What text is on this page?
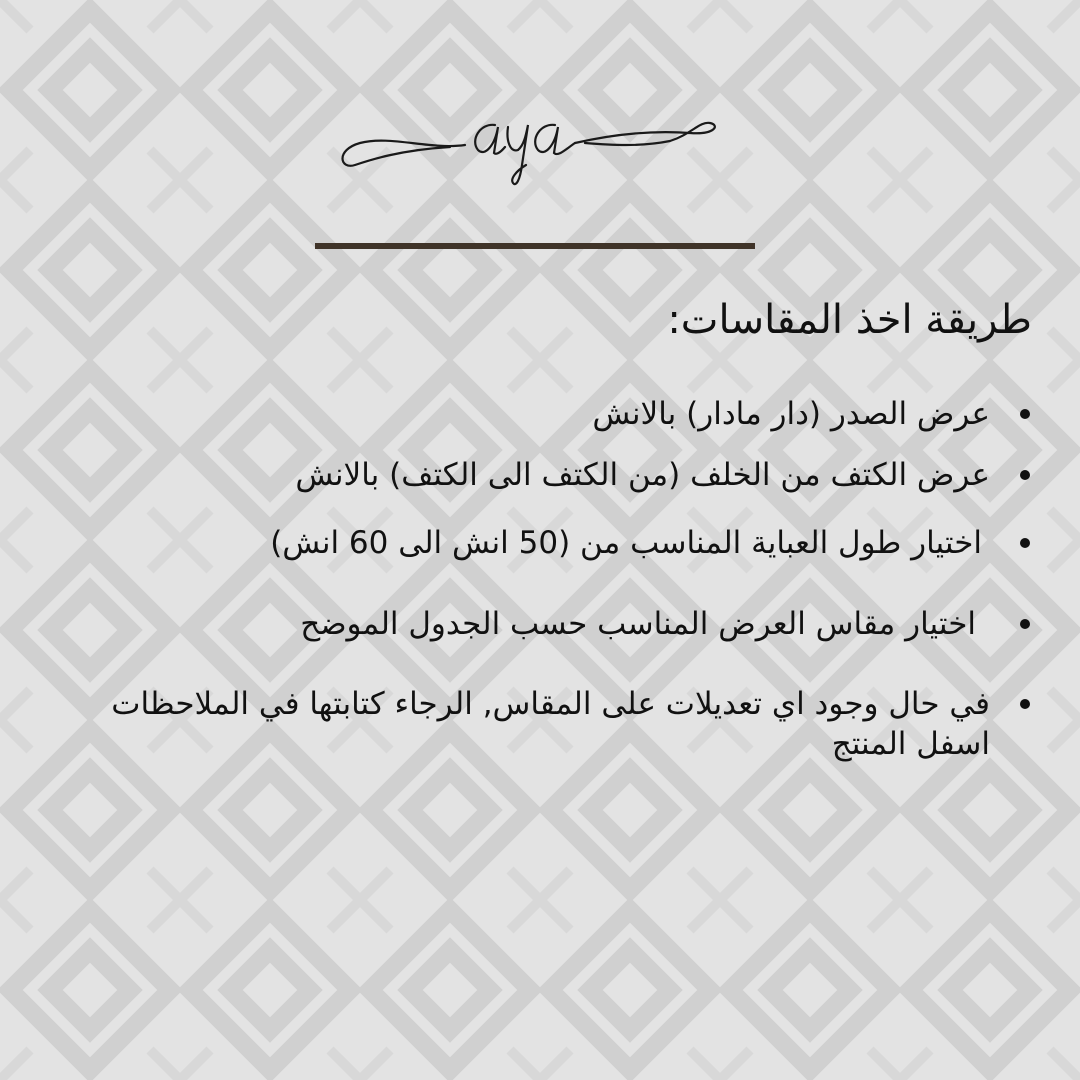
طريقة اخذ المقاسات:
عرض الصدر (دار مادار) بالانش
عرض الكتف من الخلف (من الكتف الى الكتف) بالانش
اختيار طول العباية المناسب من (50 انش الى 60 انش)
اختيار مقاس العرض المناسب حسب الجدول الموضح
في حال وجود اي تعديلات على المقاس, الرجاء كتابتها في الملاحظات اسفل المنتج
